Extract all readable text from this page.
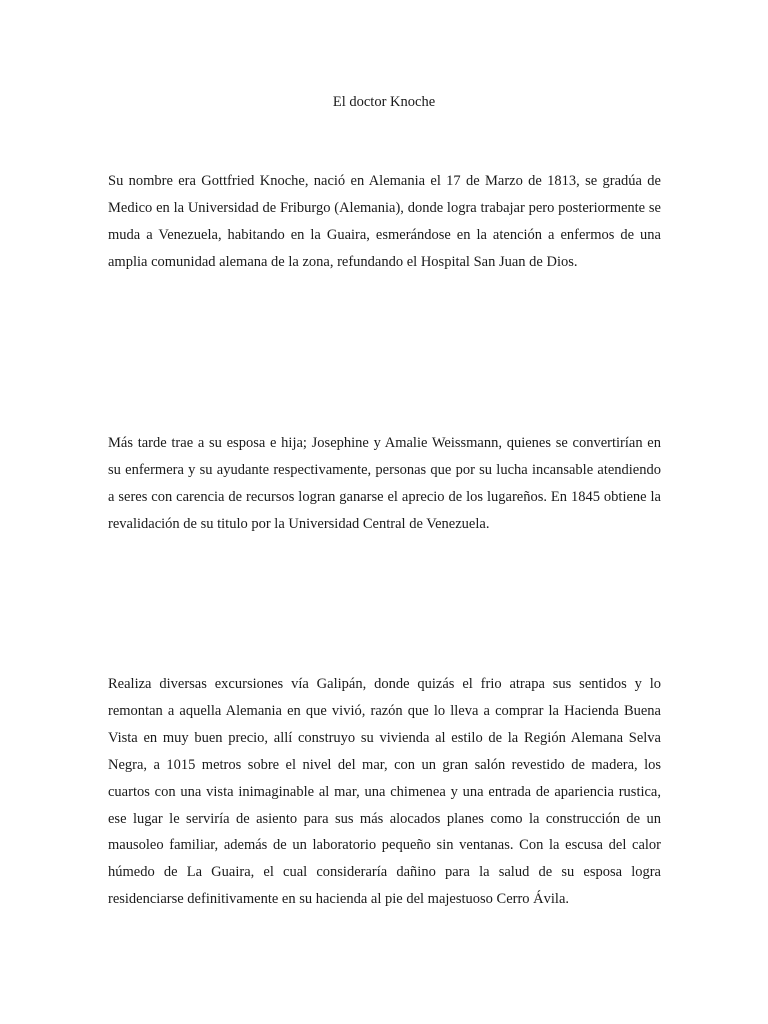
El doctor Knoche

Su nombre era Gottfried Knoche, nació en Alemania el 17 de Marzo de 1813, se gradúa de Medico en la Universidad de Friburgo (Alemania), donde logra trabajar pero posteriormente se muda a Venezuela, habitando en la Guaira, esmerándose en la atención a enfermos de una amplia comunidad alemana de la zona, refundando el Hospital San Juan de Dios.

Más tarde trae a su esposa e hija; Josephine y Amalie Weissmann, quienes se convertirían en su enfermera y su ayudante respectivamente, personas que por su lucha incansable atendiendo a seres con carencia de recursos logran ganarse el aprecio de los lugareños. En 1845 obtiene la revalidación de su titulo por la Universidad Central de Venezuela.

Realiza diversas excursiones vía Galipán, donde quizás el frio atrapa sus sentidos y lo remontan a aquella Alemania en que vivió, razón que lo lleva a comprar la Hacienda Buena Vista en muy buen precio, allí construyo su vivienda al estilo de la Región Alemana Selva Negra, a 1015 metros sobre el nivel del mar, con un gran salón revestido de madera, los cuartos con una vista inimaginable al mar, una chimenea y una entrada de apariencia rustica, ese lugar le serviría de asiento para sus más alocados planes como la construcción de un mausoleo familiar, además de un laboratorio pequeño sin ventanas. Con la escusa del calor húmedo de La Guaira, el cual consideraría dañino para la salud de su esposa logra residenciarse definitivamente en su hacienda al pie del majestuoso Cerro Ávila.
